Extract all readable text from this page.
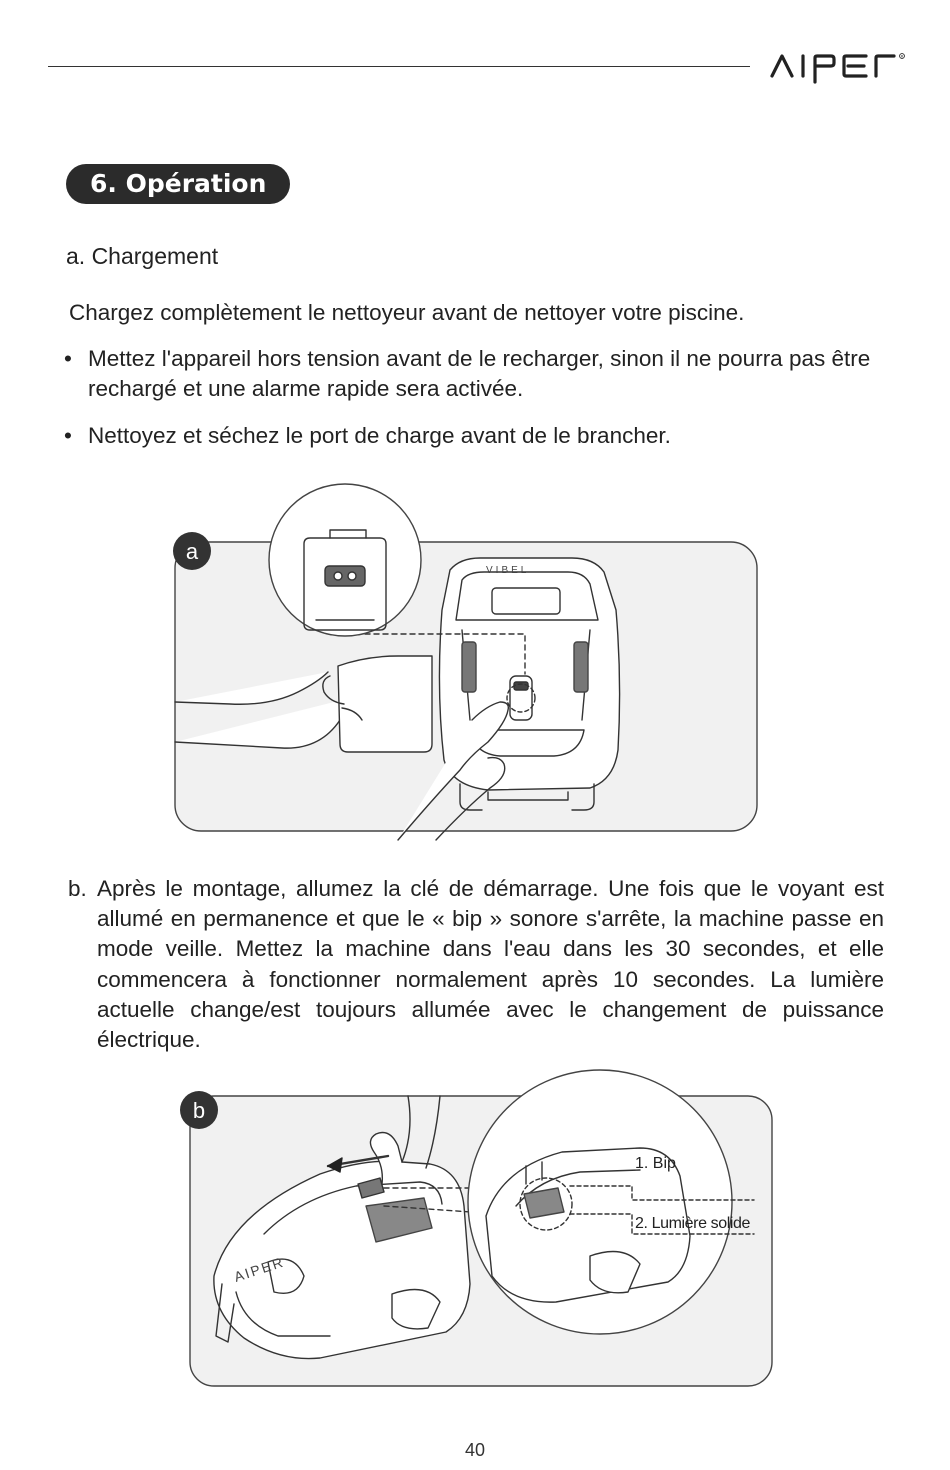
R
6. Opération
a. Chargement
Chargez complètement le nettoyeur avant de nettoyer votre piscine.
• Mettez l'appareil hors tension avant de le recharger, sinon il ne pourra pas être rechargé et une alarme rapide sera activée.
• Nettoyez et séchez le port de charge avant de le brancher.
VIBEL
a
b. Après le montage, allumez la clé de démarrage. Une fois que le voyant est allumé en permanence et que le « bip » sonore s'arrête, la machine passe en mode veille. Mettez la machine dans l'eau dans les 30 secondes, et elle commencera à fonctionner normalement après 10 secondes. La lumière actuelle change/est toujours allumée avec le changement de puissance électrique.
1. Bip
2. Lumière solide
AIPER
b
40
